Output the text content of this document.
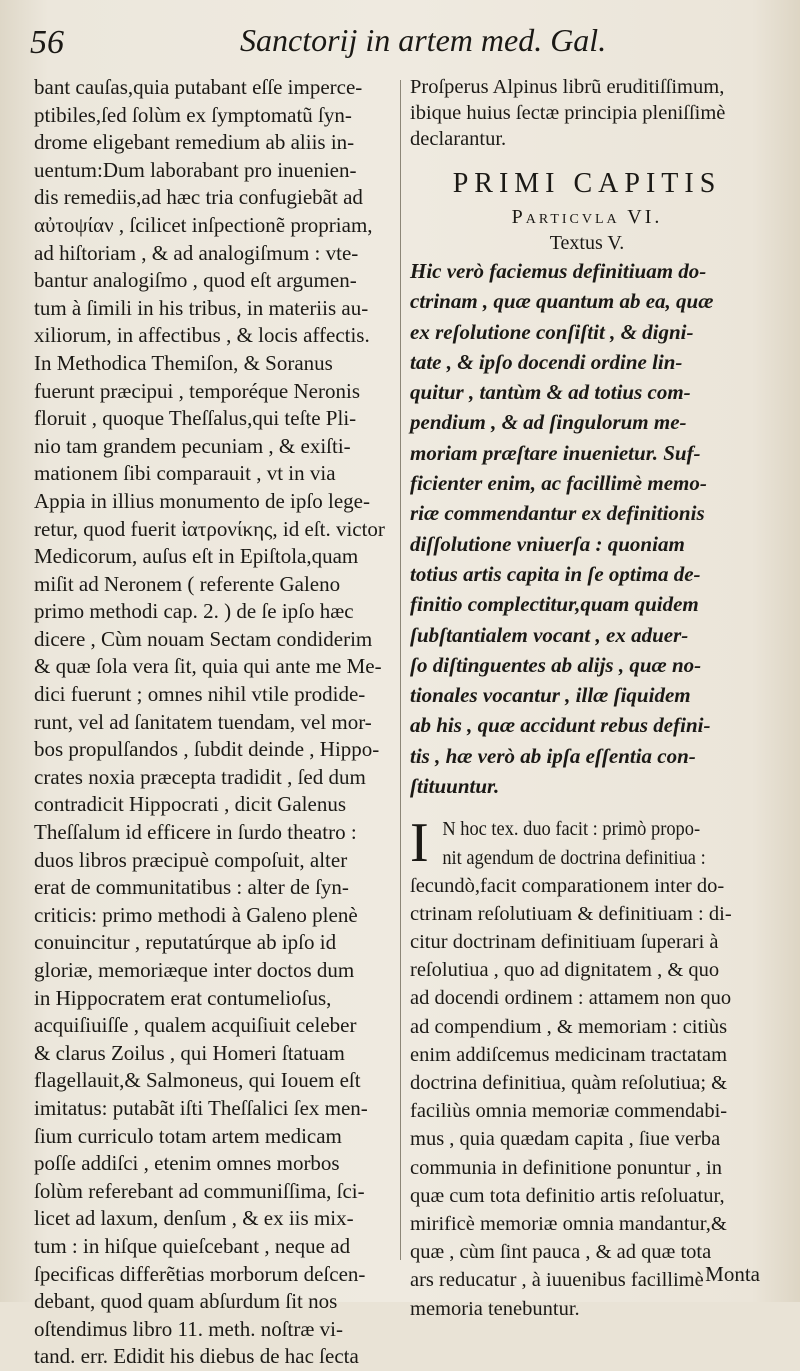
56	Sanctorij in artem med. Gal.
bant cauſas,quia putabant eſſe imperce-
ptibiles,ſed ſolùm ex ſymptomatũ ſyn-
drome eligebant remedium ab aliis in-
uentum:Dum laborabant pro inuenien-
dis remediis,ad hæc tria confugiebãt ad
αὐτοψίαν , ſcilicet inſpectionẽ propriam,
ad hiſtoriam , & ad analogiſmum : vte-
bantur analogiſmo , quod eſt argumen-
tum à ſimili in his tribus, in materiis au-
xiliorum, in affectibus , & locis affectis.
In Methodica Themiſon, & Soranus
fuerunt præcipui , temporéque Neronis
floruit , quoque Theſſalus,qui teſte Pli-
nio tam grandem pecuniam , & exiſti-
mationem ſibi comparauit , vt in via
Appia in illius monumento de ipſo lege-
retur, quod fuerit ἰατρονίκης, id eſt. victor
Medicorum, auſus eſt in Epiſtola,quam
miſit ad Neronem ( referente Galeno
primo methodi cap. 2. ) de ſe ipſo hæc
dicere , Cùm nouam Sectam condiderim
& quæ ſola vera ſit, quia qui ante me Me-
dici fuerunt ; omnes nihil vtile prodide-
runt, vel ad ſanitatem tuendam, vel mor-
bos propulſandos , ſubdit deinde , Hippo-
crates noxia præcepta tradidit , ſed dum
contradicit Hippocrati , dicit Galenus
Theſſalum id efficere in ſurdo theatro :
duos libros præcipuè compoſuit, alter
erat de communitatibus : alter de ſyn-
criticis: primo methodi à Galeno plenè
conuincitur , reputatúrque ab ipſo id
gloriæ, memoriæque inter doctos dum
in Hippocratem erat contumelioſus,
acquiſiuiſſe , qualem acquiſiuit celeber
& clarus Zoilus , qui Homeri ſtatuam
flagellauit,& Salmoneus, qui Iouem eſt
imitatus: putabãt iſti Theſſalici ſex men-
ſium curriculo totam artem medicam
poſſe addiſci , etenim omnes morbos
ſolùm referebant ad communiſſima, ſci-
licet ad laxum, denſum , & ex iis mix-
tum : in hiſque quieſcebant , neque ad
ſpecificas differẽtias morborum deſcen-
debant, quod quam abſurdum ſit nos
oſtendimus libro 11. meth. noſtræ vi-
tand. err. Edidit his diebus de hac ſecta
Proſperus Alpinus librũ eruditiſſimum,
ibique huius ſectæ principia pleniſſimè
declarantur.
PRIMI CAPITIS
Particvla VI.
Textus V.
Hic verò faciemus definitiuam do-
ctrinam , quæ quantum ab ea, quæ
ex reſolutione conſiſtit , & digni-
tate , & ipſo docendi ordine lin-
quitur , tantùm & ad totius com-
pendium , & ad ſingulorum me-
moriam præſtare inuenietur. Suf-
ficienter enim, ac facillimè memo-
riæ commendantur ex definitionis
diſſolutione vniuerſa : quoniam
totius artis capita in ſe optima de-
finitio complectitur,quam quidem
ſubſtantialem vocant , ex aduer-
ſo diſtinguentes ab alijs , quæ no-
tionales vocantur , illæ ſiquidem
ab his , quæ accidunt rebus defini-
tis , hæ verò ab ipſa eſſentia con-
ſtituuntur.
I N hoc tex. duo facit : primò propo-
nit agendum de doctrina definitiua :
ſecundò,facit comparationem inter do-
ctrinam reſolutiuam & definitiuam : di-
citur doctrinam definitiuam ſuperari à
reſolutiua , quo ad dignitatem , & quo
ad docendi ordinem : attamem non quo
ad compendium , & memoriam : citiùs
enim addiſcemus medicinam tractatam
doctrina definitiua, quàm reſolutiua; &
faciliùs omnia memoriæ commendabi-
mus , quia quædam capita , ſiue verba
communia in definitione ponuntur , in
quæ cum tota definitio artis reſoluatur,
mirificè memoriæ omnia mandantur,&
quæ , cùm ſint pauca , & ad quæ tota
ars reducatur , à iuuenibus facillimè
memoria tenebuntur.
Monta
